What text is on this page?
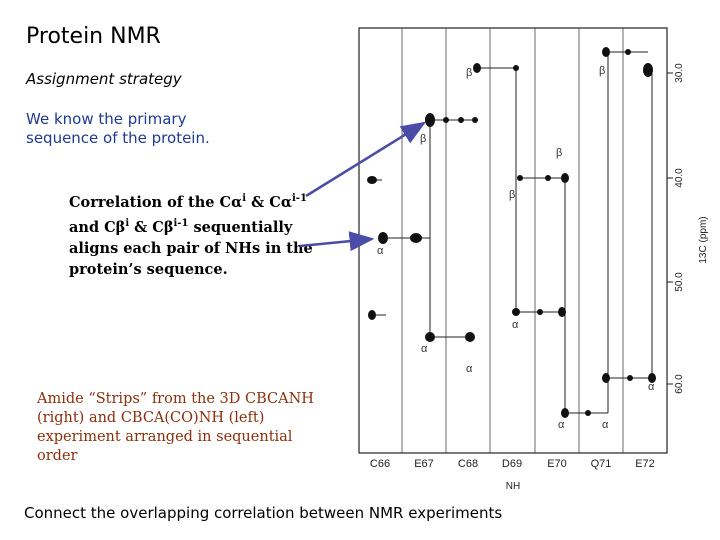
Protein NMR
Assignment strategy
We know the primary sequence of the protein.
Correlation of the $C\alpha^i$ & $C\alpha^{i-1}$ and $C\beta^i$ & $C\beta^{i-1}$ sequentially aligns each pair of NHs in the protein’s sequence.
Amide “Strips” from the 3D CBCANH (right) and CBCA(CO)NH (left) experiment arranged in sequential order
Connect the overlapping correlation between NMR experiments
30.0
40.0
50.0
60.0
13C (ppm)
C66 E67 C68 D69 E70 Q71 E72
NH
α
α
α
α
α	α
α
β
β
β
β
β
